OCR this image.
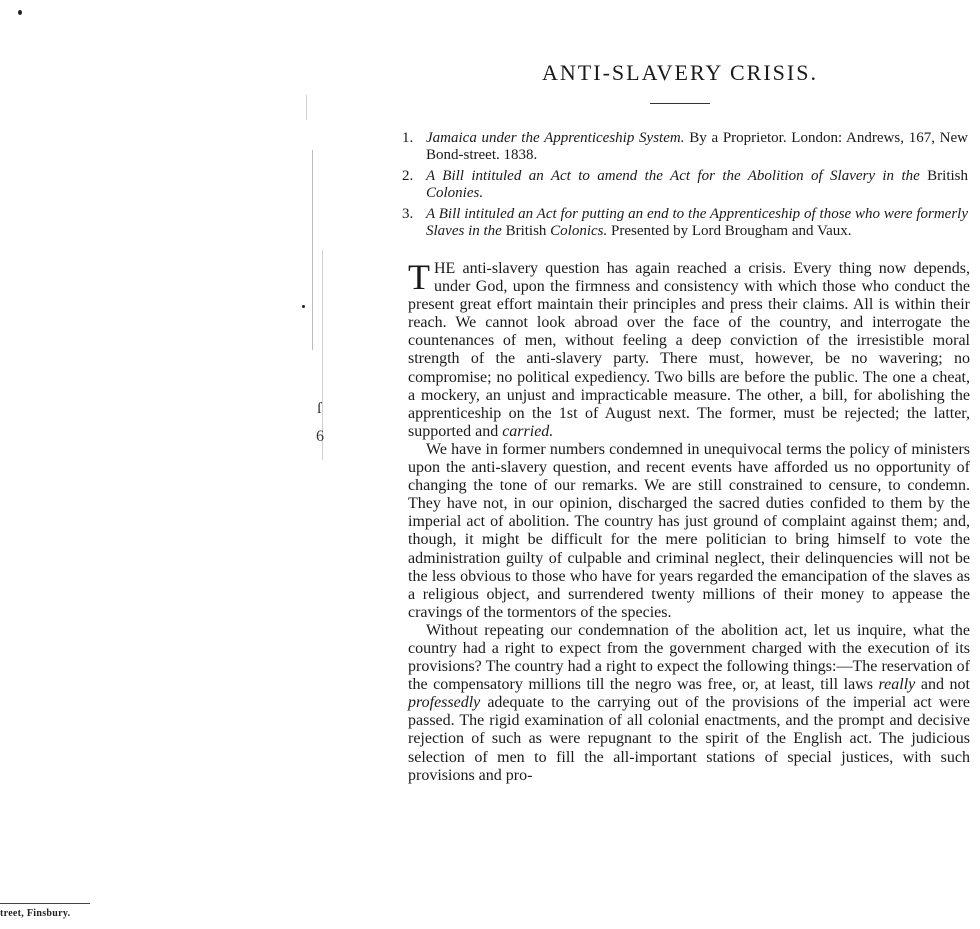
ſ
6
treet, Finsbury.
ANTI-SLAVERY CRISIS.
1. Jamaica under the Apprenticeship System. By a Proprietor. London: Andrews, 167, New Bond-street. 1838.
2. A Bill intituled an Act to amend the Act for the Abolition of Slavery in the British Colonies.
3. A Bill intituled an Act for putting an end to the Apprenticeship of those who were formerly Slaves in the British Colonics. Presented by Lord Brougham and Vaux.

THE anti-slavery question has again reached a crisis. Every thing now depends, under God, upon the firmness and consistency with which those who conduct the present great effort maintain their principles and press their claims. All is within their reach. We cannot look abroad over the face of the country, and interrogate the countenances of men, without feeling a deep conviction of the irresistible moral strength of the anti-slavery party. There must, however, be no wavering; no compromise; no political expediency. Two bills are before the public. The one a cheat, a mockery, an unjust and impracticable measure. The other, a bill, for abolishing the apprenticeship on the 1st of August next. The former, must be rejected; the latter, supported and carried.

We have in former numbers condemned in unequivocal terms the policy of ministers upon the anti-slavery question, and recent events have afforded us no opportunity of changing the tone of our remarks. We are still constrained to censure, to condemn. They have not, in our opinion, discharged the sacred duties confided to them by the imperial act of abolition. The country has just ground of complaint against them; and, though, it might be difficult for the mere politician to bring himself to vote the administration guilty of culpable and criminal neglect, their delinquencies will not be the less obvious to those who have for years regarded the emancipation of the slaves as a religious object, and surrendered twenty millions of their money to appease the cravings of the tormentors of the species.

Without repeating our condemnation of the abolition act, let us inquire, what the country had a right to expect from the government charged with the execution of its provisions? The country had a right to expect the following things:—The reservation of the compensatory millions till the negro was free, or, at least, till laws really and not professedly adequate to the carrying out of the provisions of the imperial act were passed. The rigid examination of all colonial enactments, and the prompt and decisive rejection of such as were repugnant to the spirit of the English act. The judicious selection of men to fill the all-important stations of special justices, with such provisions and pro-
